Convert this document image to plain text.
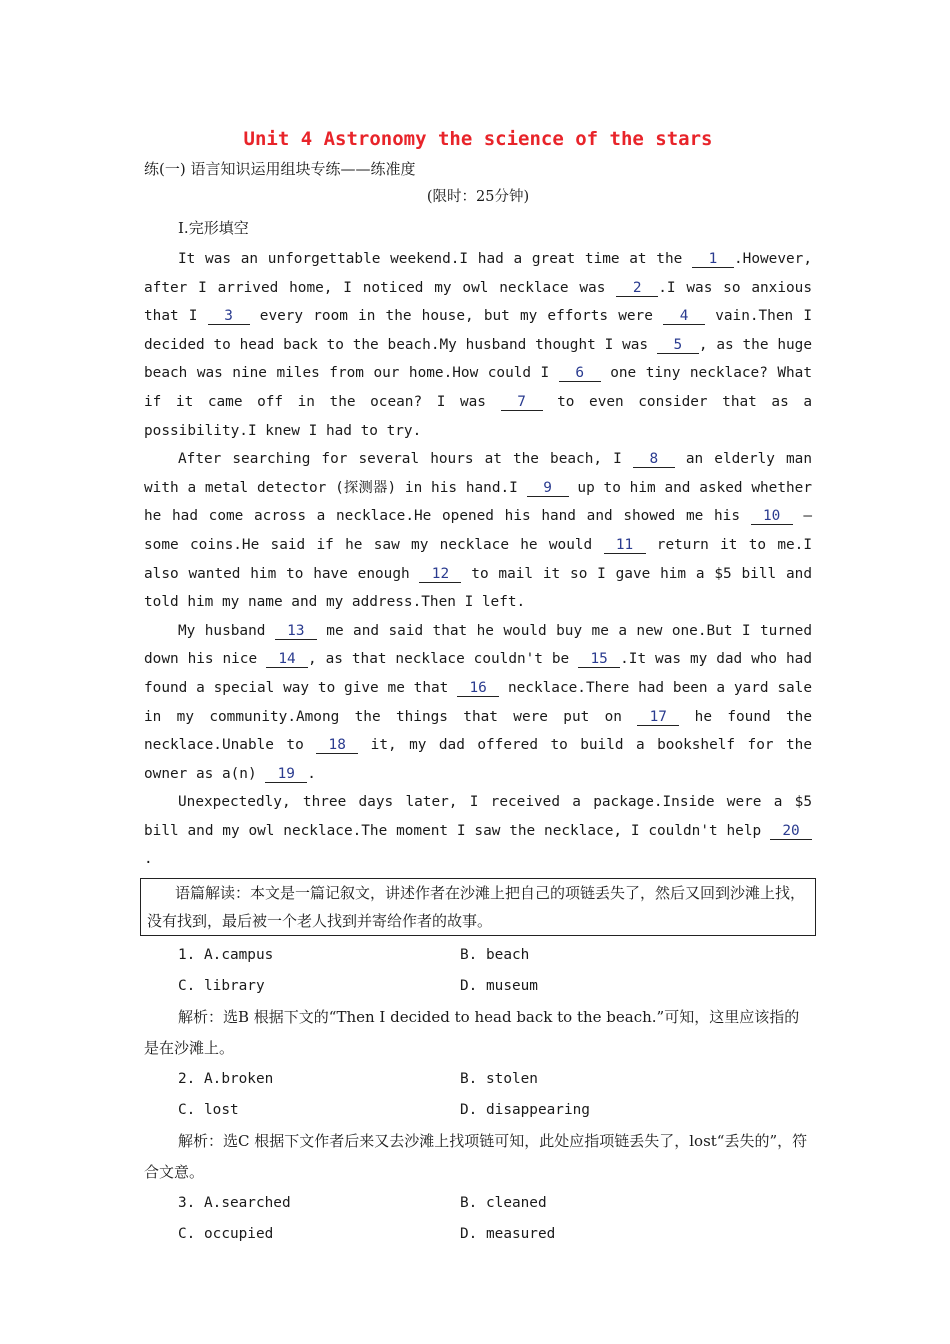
Unit 4 Astronomy the science of the stars
练(一) 语言知识运用组块专练——练准度
(限时：25分钟)
Ⅰ.完形填空

It was an unforgettable weekend.I had a great time at the 1 .However, after I arrived home, I noticed my owl necklace was 2 .I was so anxious that I 3 every room in the house, but my efforts were 4 vain.Then I decided to head back to the beach.My husband thought I was 5 , as the huge beach was nine miles from our home.How could I 6 one tiny necklace? What if it came off in the ocean? I was 7 to even consider that as a possibility.I knew I had to try.

After searching for several hours at the beach, I 8 an elderly man with a metal detector (探测器) in his hand.I 9 up to him and asked whether he had come across a necklace.He opened his hand and showed me his 10 — some coins.He said if he saw my necklace he would 11 return it to me.I also wanted him to have enough 12 to mail it so I gave him a $5 bill and told him my name and my address.Then I left.

My husband 13 me and said that he would buy me a new one.But I turned down his nice 14 , as that necklace couldn't be 15 .It was my dad who had found a special way to give me that 16 necklace.There had been a yard sale in my community.Among the things that were put on 17 he found the necklace.Unable to 18 it, my dad offered to build a bookshelf for the owner as a(n) 19 .

Unexpectedly, three days later, I received a package.Inside were a $5 bill and my owl necklace.The moment I saw the necklace, I couldn't help 20.

语篇解读：本文是一篇记叙文，讲述作者在沙滩上把自己的项链丢失了，然后又回到沙滩上找，没有找到，最后被一个老人找到并寄给作者的故事。
1. A.campus	B. beach
C. library	D. museum

解析：选B 根据下文的“Then I decided to head back to the beach.”可知，这里应该指的是在沙滩上。

2. A.broken	B. stolen
C. lost	D. disappearing

解析：选C 根据下文作者后来又去沙滩上找项链可知，此处应指项链丢失了，lost“丢失的”，符合文意。

3. A.searched	B. cleaned
C. occupied	D. measured
